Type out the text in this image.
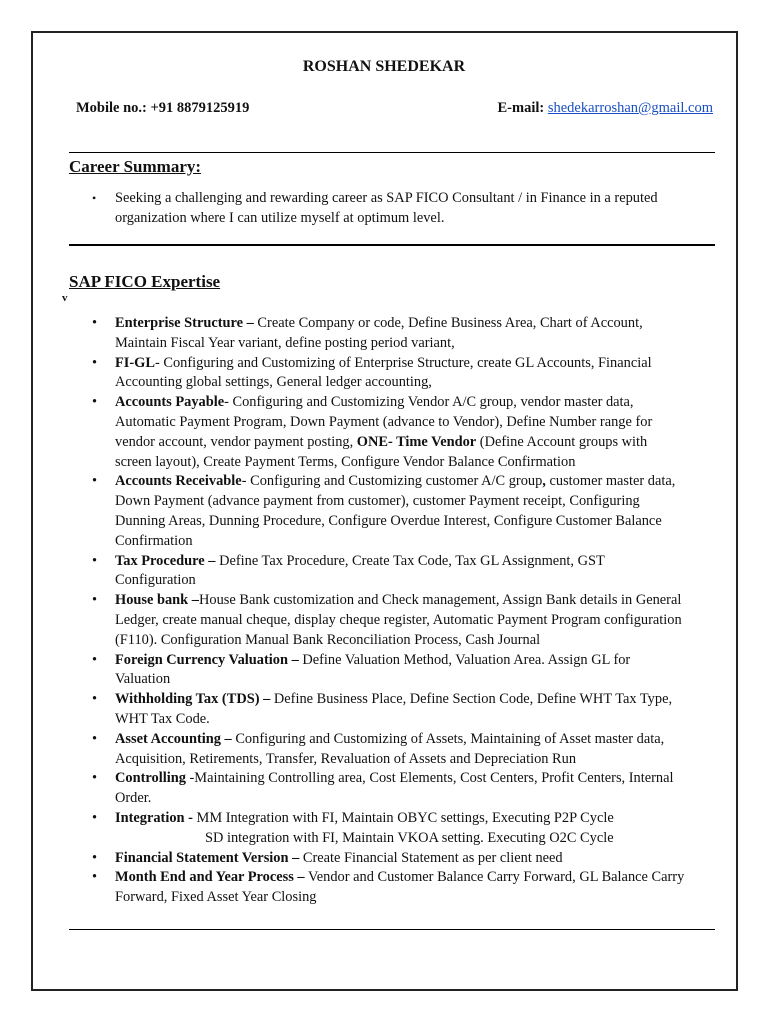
ROSHAN SHEDEKAR
Mobile no.: +91 8879125919	E-mail: shedekarroshan@gmail.com
Career Summary:
• Seeking a challenging and rewarding career as SAP FICO Consultant / in Finance in a reputed
organization where I can utilize myself at optimum level.
SAP FICO Expertise
v
• Enterprise Structure – Create Company or code, Define Business Area, Chart of Account,
Maintain Fiscal Year variant, define posting period variant,
• FI-GL- Configuring and Customizing of Enterprise Structure, create GL Accounts, Financial
Accounting global settings, General ledger accounting,
• Accounts Payable- Configuring and Customizing Vendor A/C group, vendor master data,
Automatic Payment Program, Down Payment (advance to Vendor), Define Number range for
vendor account, vendor payment posting, ONE- Time Vendor (Define Account groups with
screen layout), Create Payment Terms, Configure Vendor Balance Confirmation
• Accounts Receivable- Configuring and Customizing customer A/C group, customer master data,
Down Payment (advance payment from customer), customer Payment receipt, Configuring
Dunning Areas, Dunning Procedure, Configure Overdue Interest, Configure Customer Balance
Confirmation
• Tax Procedure – Define Tax Procedure, Create Tax Code, Tax GL Assignment, GST
Configuration
• House bank –House Bank customization and Check management, Assign Bank details in General
Ledger, create manual cheque, display cheque register, Automatic Payment Program configuration
(F110). Configuration Manual Bank Reconciliation Process, Cash Journal
• Foreign Currency Valuation – Define Valuation Method, Valuation Area. Assign GL for
Valuation
• Withholding Tax (TDS) – Define Business Place, Define Section Code, Define WHT Tax Type,
WHT Tax Code.
• Asset Accounting – Configuring and Customizing of Assets, Maintaining of Asset master data,
Acquisition, Retirements, Transfer, Revaluation of Assets and Depreciation Run
• Controlling -Maintaining Controlling area, Cost Elements, Cost Centers, Profit Centers, Internal
Order.
• Integration - MM Integration with FI, Maintain OBYC settings, Executing P2P Cycle
SD integration with FI, Maintain VKOA setting. Executing O2C Cycle
• Financial Statement Version – Create Financial Statement as per client need
• Month End and Year Process – Vendor and Customer Balance Carry Forward, GL Balance Carry
Forward, Fixed Asset Year Closing
